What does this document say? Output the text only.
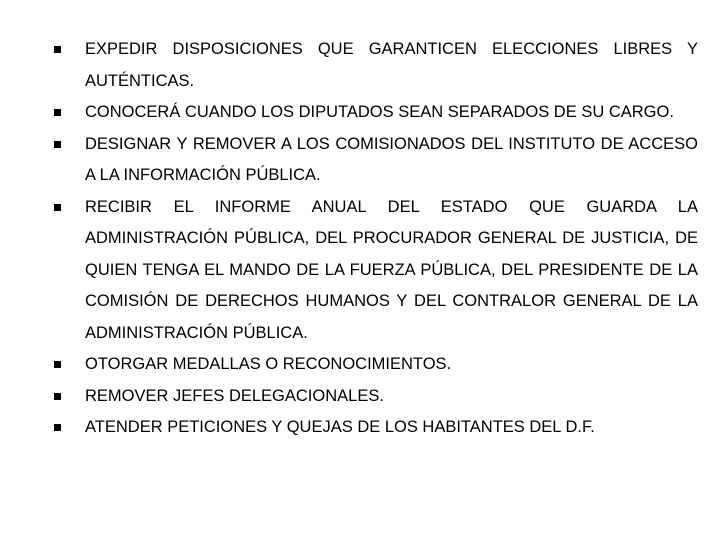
EXPEDIR DISPOSICIONES QUE GARANTICEN ELECCIONES LIBRES Y AUTÉNTICAS.
CONOCERÁ CUANDO LOS DIPUTADOS SEAN SEPARADOS DE SU CARGO.
DESIGNAR Y REMOVER A LOS COMISIONADOS DEL INSTITUTO DE ACCESO A LA INFORMACIÓN PÚBLICA.
RECIBIR EL INFORME ANUAL DEL ESTADO QUE GUARDA LA ADMINISTRACIÓN PÚBLICA, DEL PROCURADOR GENERAL DE JUSTICIA, DE QUIEN TENGA EL MANDO DE LA FUERZA PÚBLICA, DEL PRESIDENTE DE LA COMISIÓN DE DERECHOS HUMANOS Y DEL CONTRALOR GENERAL DE LA ADMINISTRACIÓN PÚBLICA.
OTORGAR MEDALLAS O RECONOCIMIENTOS.
REMOVER JEFES DELEGACIONALES.
ATENDER PETICIONES Y QUEJAS DE LOS HABITANTES DEL D.F.
